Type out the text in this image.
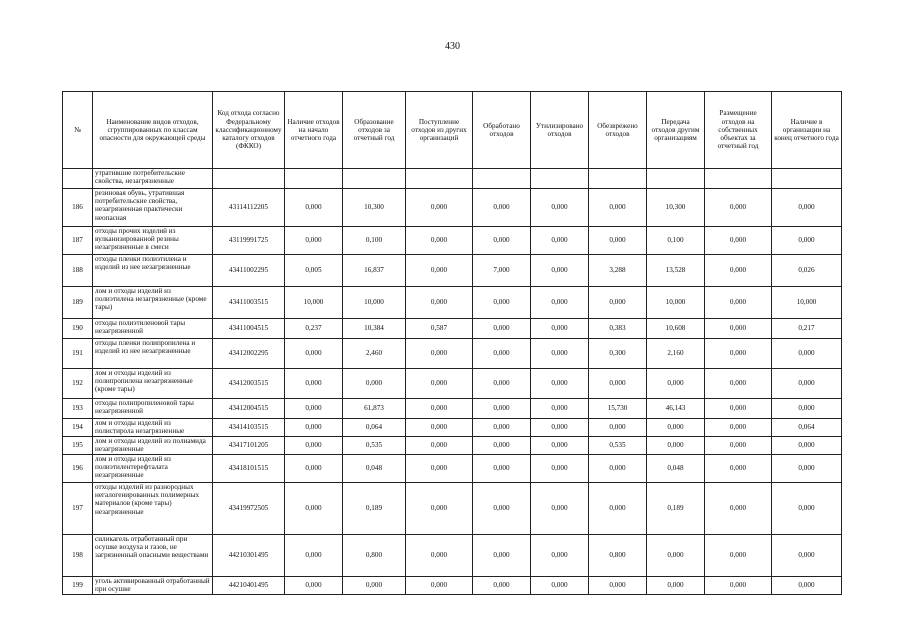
430
№	Наименование видов отходов, сгруппированных по классам опасности для окружающей среды	Код отхода согласно Федеральному классификационному каталогу отходов (ФККО)	Наличие отходов на начало отчетного года	Образование отходов за отчетный год	Поступление отходов из других организаций	Обработано отходов	Утилизировано отходов	Обезврежено отходов	Передача отходов другим организациям	Размещение отходов на собственных объектах за отчетный год	Наличие в организации на конец отчетного года

	утратившие потребительские свойства, незагрязненные										

186	резиновая обувь, утратившая потребительские свойства, незагрязненная практически неопасная	43114112205	0,000	10,300	0,000	0,000	0,000	0,000	10,300	0,000	0,000
187	отходы прочих изделий из вулканизированной резины незагрязненные в смеси	43119991725	0,000	0,100	0,000	0,000	0,000	0,000	0,100	0,000	0,000
188	отходы пленки полиэтилена и изделий из нее незагрязненные	43411002295	0,005	16,837	0,000	7,000	0,000	3,288	13,528	0,000	0,026
189	лом и отходы изделий из полиэтилена незагрязненные (кроме тары)	43411003515	10,000	10,000	0,000	0,000	0,000	0,000	10,000	0,000	10,000
190	отходы полиэтиленовой тары незагрязненной	43411004515	0,237	10,384	0,587	0,000	0,000	0,383	10,608	0,000	0,217
191	отходы пленки полипропилена и изделий из нее незагрязненные	43412002295	0,000	2,460	0,000	0,000	0,000	0,300	2,160	0,000	0,000
192	лом и отходы изделий из полипропилена незагрязненные (кроме тары)	43412003515	0,000	0,000	0,000	0,000	0,000	0,000	0,000	0,000	0,000
193	отходы полипропиленовой тары незагрязненной	43412004515	0,000	61,873	0,000	0,000	0,000	15,730	46,143	0,000	0,000
194	лом и отходы изделий из полистирола незагрязненные	43414103515	0,000	0,064	0,000	0,000	0,000	0,000	0,000	0,000	0,064
195	лом и отходы изделий из полиамида незагрязненные	43417101205	0,000	0,535	0,000	0,000	0,000	0,535	0,000	0,000	0,000
196	лом и отходы изделий из полиэтилентерефталата незагрязненные	43418101515	0,000	0,048	0,000	0,000	0,000	0,000	0,048	0,000	0,000
197	отходы изделий из разнородных негалогенированных полимерных материалов (кроме тары) незагрязненные	43419972505	0,000	0,189	0,000	0,000	0,000	0,000	0,189	0,000	0,000
198	силикагель отработанный при осушке воздуха и газов, не загрязненный опасными веществами	44210301495	0,000	0,800	0,000	0,000	0,000	0,800	0,000	0,000	0,000
199	уголь активированный отработанный при осушке	44210401495	0,000	0,000	0,000	0,000	0,000	0,000	0,000	0,000	0,000
